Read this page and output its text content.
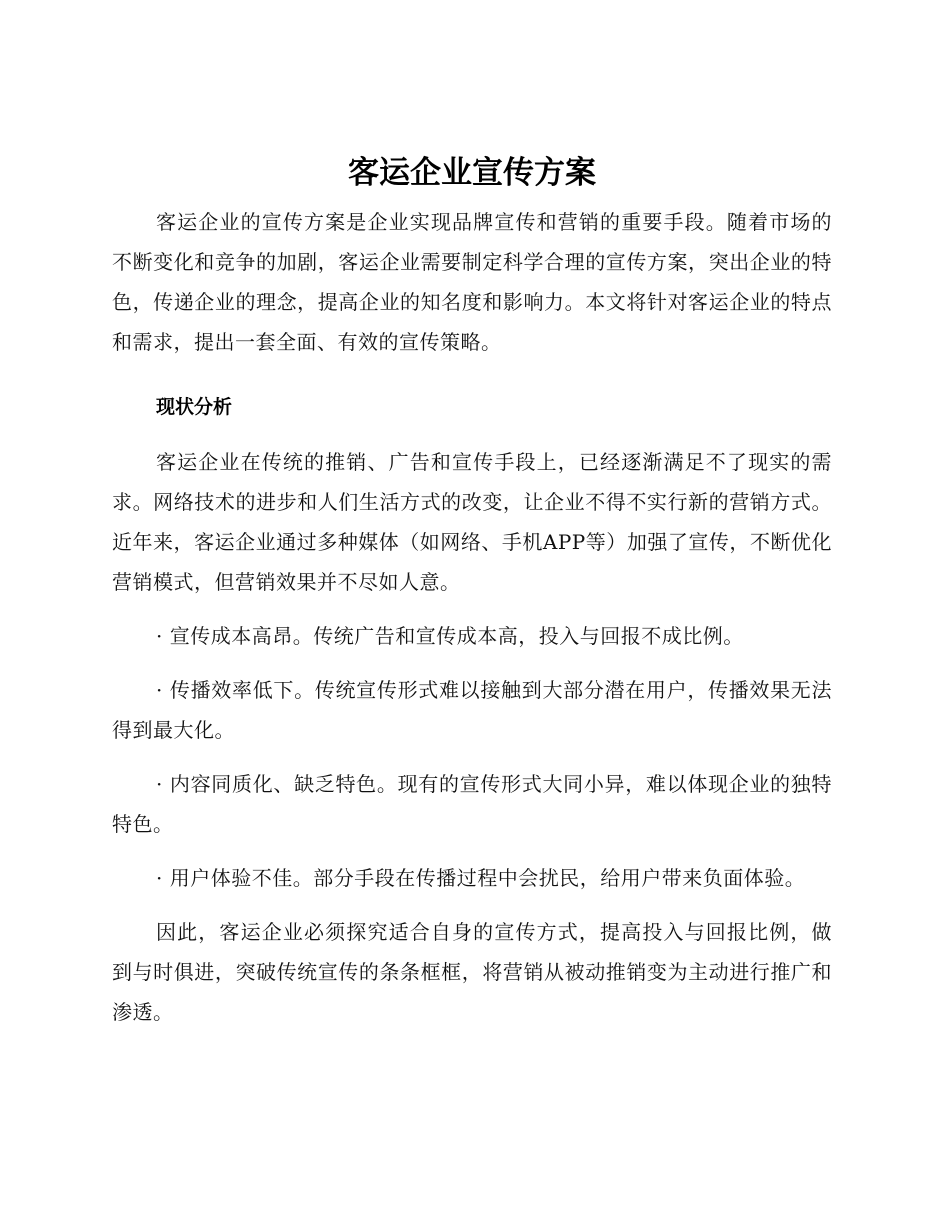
客运企业宣传方案

客运企业的宣传方案是企业实现品牌宣传和营销的重要手段。随着市场的不断变化和竞争的加剧，客运企业需要制定科学合理的宣传方案，突出企业的特色，传递企业的理念，提高企业的知名度和影响力。本文将针对客运企业的特点和需求，提出一套全面、有效的宣传策略。

现状分析

客运企业在传统的推销、广告和宣传手段上，已经逐渐满足不了现实的需求。网络技术的进步和人们生活方式的改变，让企业不得不实行新的营销方式。近年来，客运企业通过多种媒体（如网络、手机APP等）加强了宣传，不断优化营销模式，但营销效果并不尽如人意。

· 宣传成本高昂。传统广告和宣传成本高，投入与回报不成比例。

· 传播效率低下。传统宣传形式难以接触到大部分潜在用户，传播效果无法得到最大化。

· 内容同质化、缺乏特色。现有的宣传形式大同小异，难以体现企业的独特特色。

· 用户体验不佳。部分手段在传播过程中会扰民，给用户带来负面体验。

因此，客运企业必须探究适合自身的宣传方式，提高投入与回报比例，做到与时俱进，突破传统宣传的条条框框，将营销从被动推销变为主动进行推广和渗透。
